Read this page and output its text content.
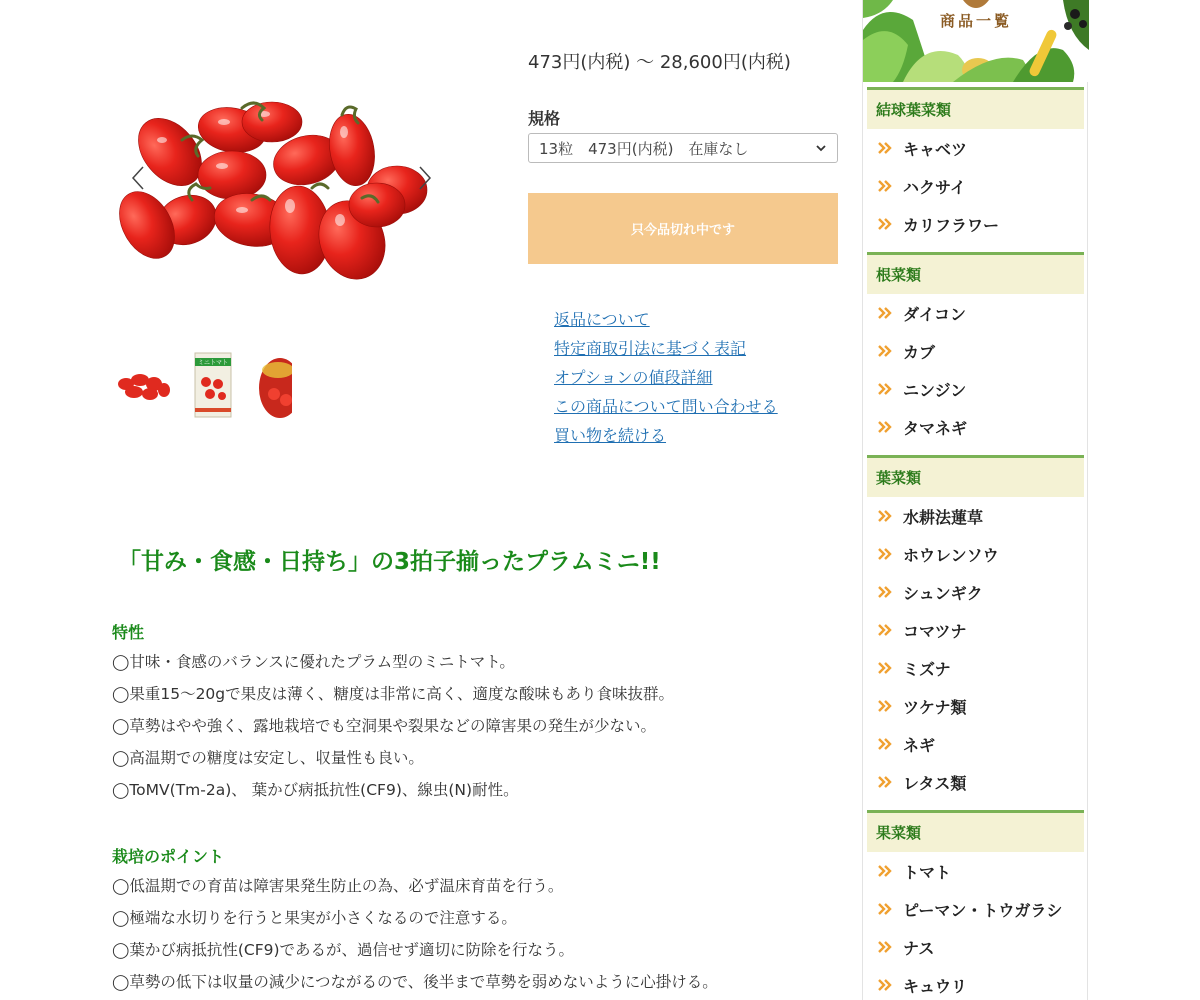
ミニトマト
473円(内税) 〜 28,600円(内税)
規格
13粒　473円(内税)　在庫なし
只今品切れ中です
返品について
特定商取引法に基づく表記
オプションの値段詳細
この商品について問い合わせる
買い物を続ける
「甘み・食感・日持ち」の3拍子揃ったプラムミニ!!
特性
◯甘味・食感のバランスに優れたプラム型のミニトマト。
◯果重15〜20gで果皮は薄く、糖度は非常に高く、適度な酸味もあり食味抜群。
◯草勢はやや強く、露地栽培でも空洞果や裂果などの障害果の発生が少ない。
◯高温期での糖度は安定し、収量性も良い。
◯ToMV(Tm-2a)、 葉かび病抵抗性(CF9)、線虫(N)耐性。
栽培のポイント
◯低温期での育苗は障害果発生防止の為、必ず温床育苗を行う。
◯極端な水切りを行うと果実が小さくなるので注意する。
◯葉かび病抵抗性(CF9)であるが、過信せず適切に防除を行なう。
◯草勢の低下は収量の減少につながるので、後半まで草勢を弱めないように心掛ける。
商品一覧
結球葉菜類
キャベツ
ハクサイ
カリフラワー
根菜類
ダイコン
カブ
ニンジン
タマネギ
葉菜類
水耕法蓮草
ホウレンソウ
シュンギク
コマツナ
ミズナ
ツケナ類
ネギ
レタス類
果菜類
トマト
ピーマン・トウガラシ
ナス
キュウリ
